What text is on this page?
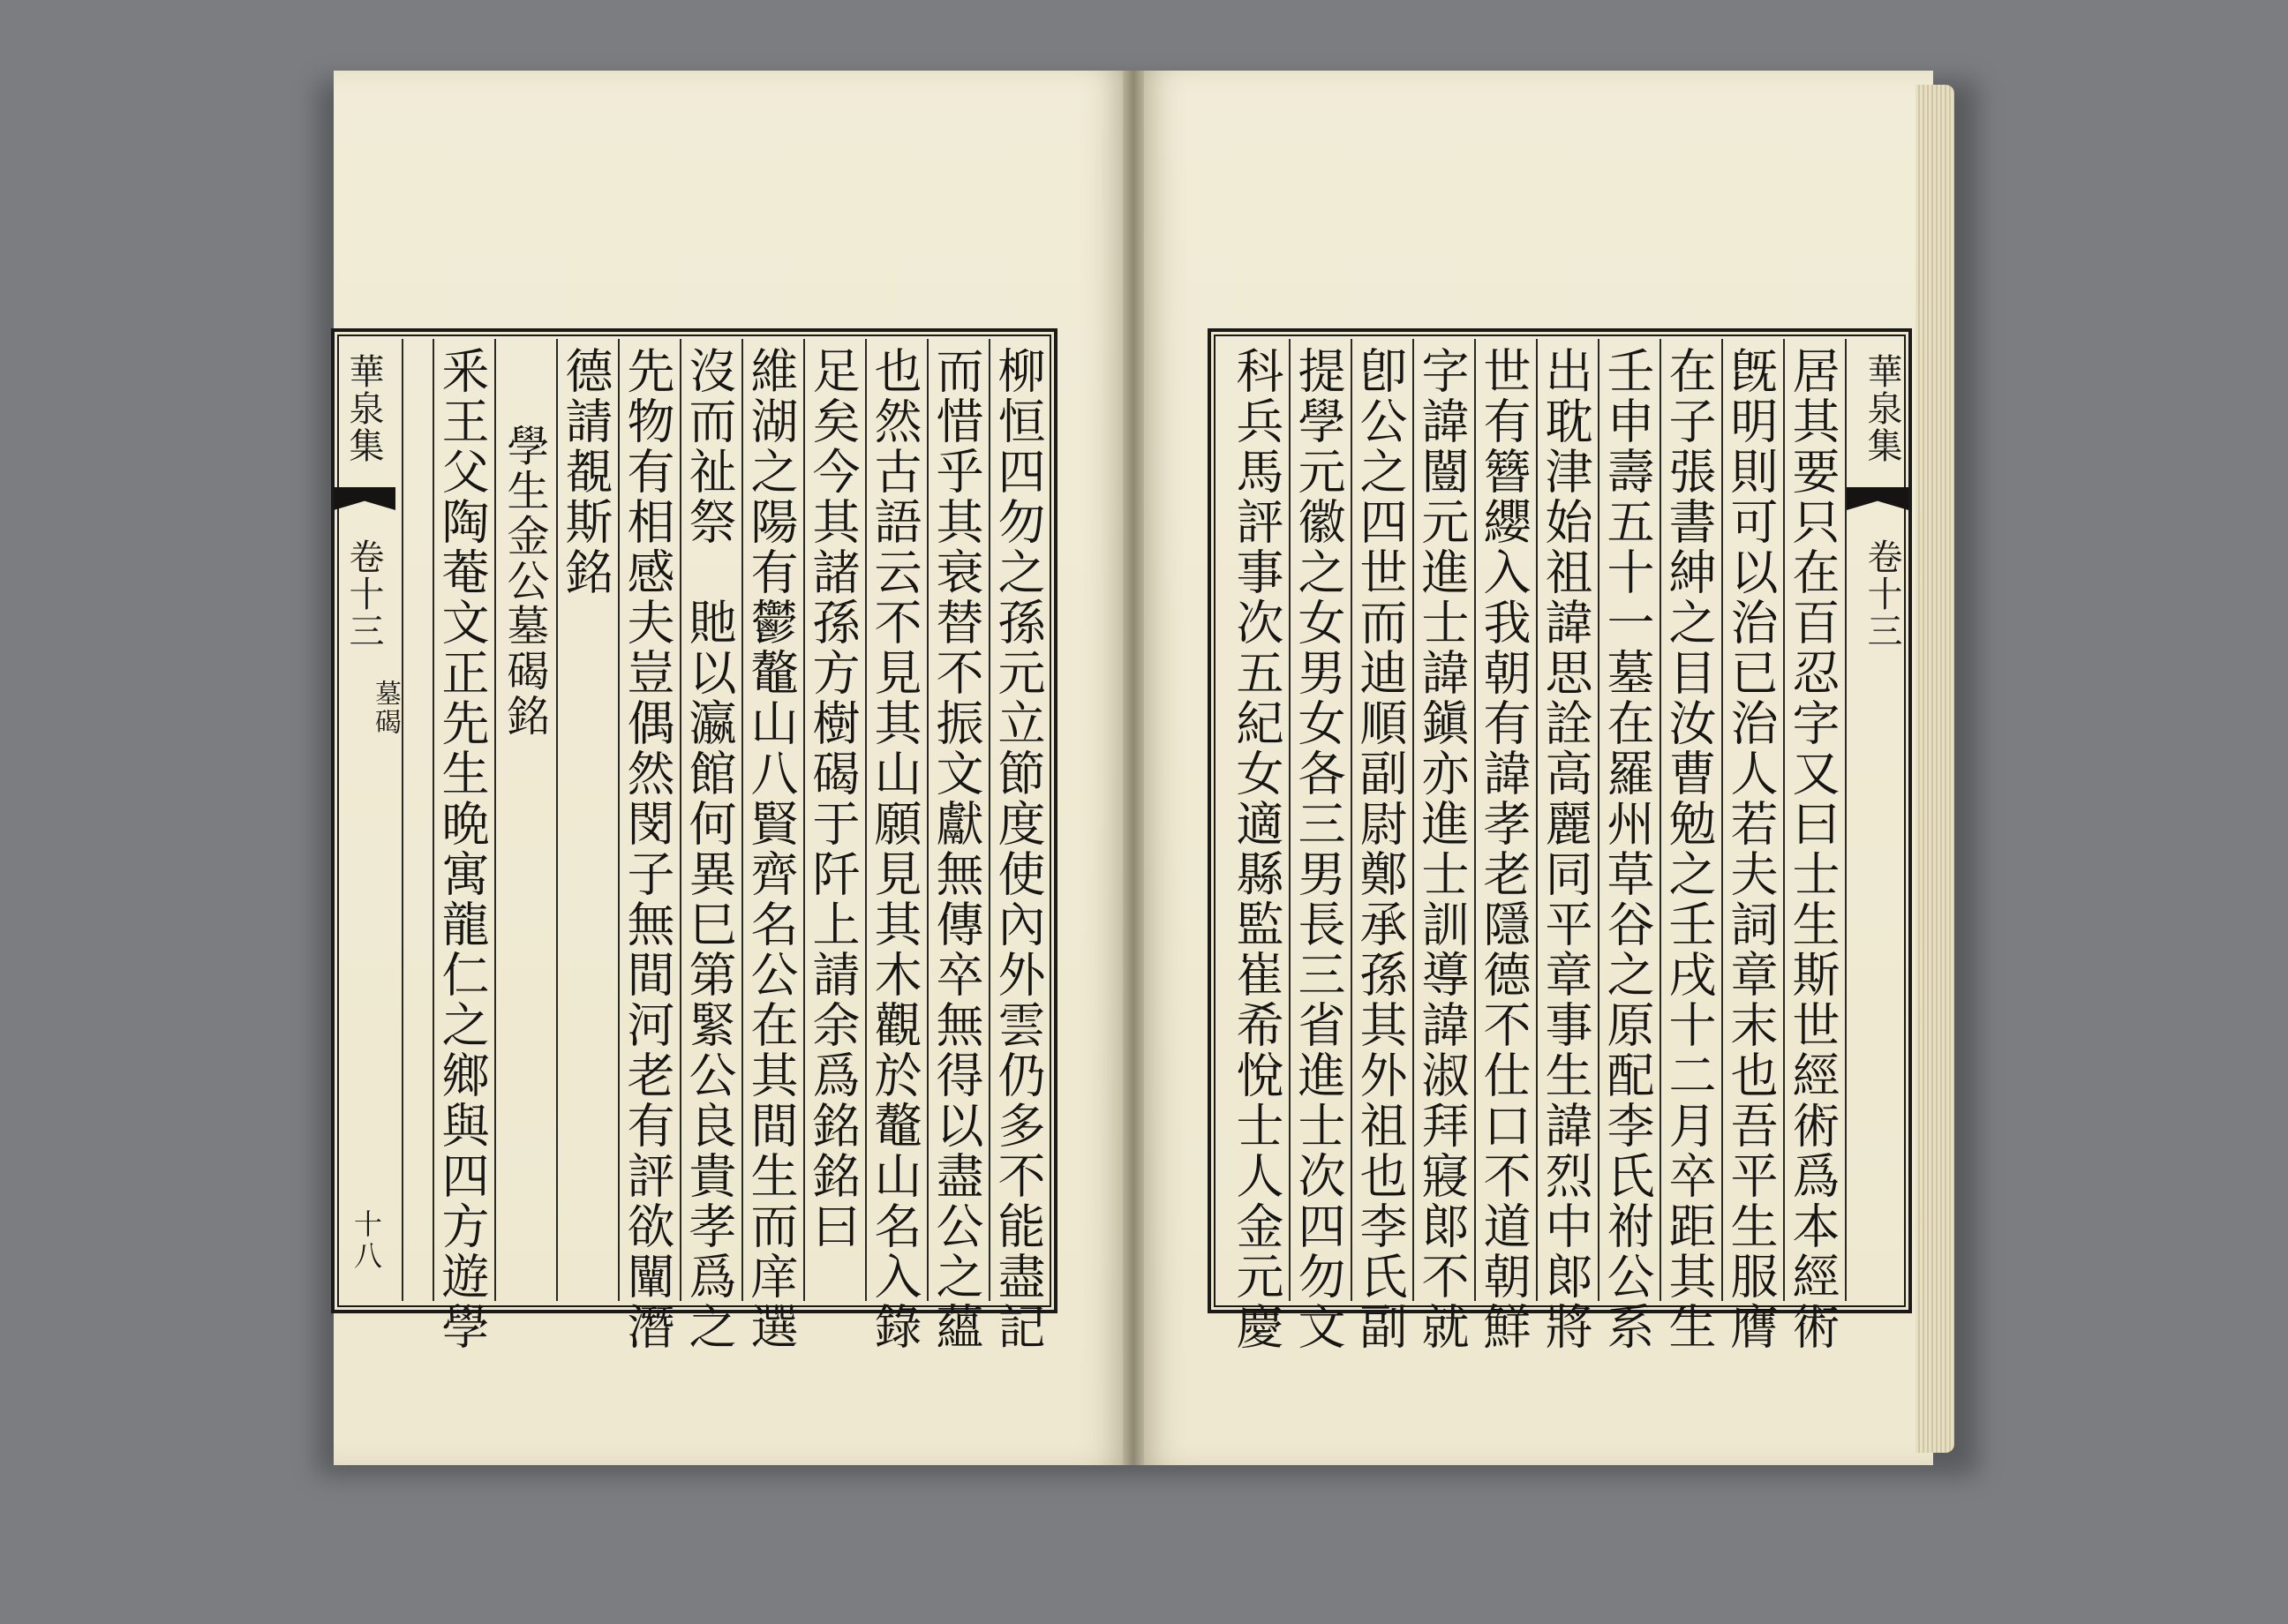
華泉集
卷十三
墓碣
十八	柳恒四勿之孫元立節度使內外雲仍多不能盡記
而惜乎其衰替不振文獻無傳卒無得以盡公之蘊
也然古語云不見其山願見其木觀於鼇山名入錄
足矣今其諸孫方樹碣于阡上請余爲銘銘曰
維湖之陽有鬱鼇山八賢齊名公在其間生而庠選
沒而祉祭　貤以瀛館何異巳第緊公良貴孝爲之
先物有相感夫豈偶然閔子無間河老有評欲闡潛
德請覩斯銘
學生金公墓碣銘
釆王父陶菴文正先生晩寓龍仁之鄉與四方遊學	居其要只在百忍字又曰士生斯世經術爲本經術
旣明則可以治已治人若夫詞章末也吾平生服膺
在子張書紳之目汝曹勉之壬戌十二月卒距其生
壬申壽五十一墓在羅州草谷之原配李氏祔公系
出耽津始祖諱思詮高麗同平章事生諱烈中郞將
世有簪纓入我朝有諱孝老隱德不仕口不道朝鮮
字諱闓元進士諱鎭亦進士訓導諱淑拜寢郞不就
卽公之四世而迪順副尉鄭承孫其外祖也李氏副
提學元徽之女男女各三男長三省進士次四勿文
科兵馬評事次五紀女適縣監崔希悅士人金元慶	華泉集
卷十三
